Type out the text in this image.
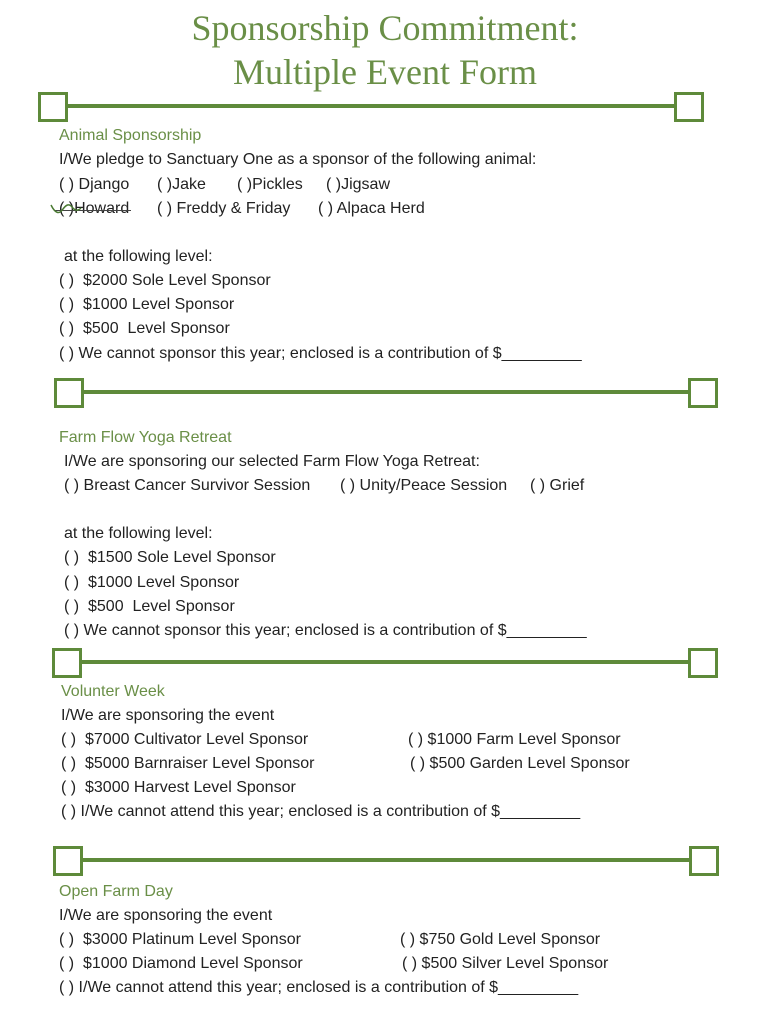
Sponsorship Commitment:
Multiple Event Form
Animal Sponsorship
I/We pledge to Sanctuary One as a sponsor of the following animal:
( ) Django ( )Jake ( )Pickles ( )Jigsaw
( )Howard ( ) Freddy & Friday ( ) Alpaca Herd
at the following level:
( )  $2000 Sole Level Sponsor
( )  $1000 Level Sponsor
( )  $500  Level Sponsor
( ) We cannot sponsor this year; enclosed is a contribution of $_________
Farm Flow Yoga Retreat
I/We are sponsoring our selected Farm Flow Yoga Retreat:
( ) Breast Cancer Survivor Session ( ) Unity/Peace Session ( ) Grief
at the following level:
( )  $1500 Sole Level Sponsor
( )  $1000 Level Sponsor
( )  $500  Level Sponsor
( ) We cannot sponsor this year; enclosed is a contribution of $_________
Volunter Week
I/We are sponsoring the event
( )  $7000 Cultivator Level Sponsor
( )  $5000 Barnraiser Level Sponsor
( )  $3000 Harvest Level Sponsor
( ) $1000 Farm Level Sponsor
( ) $500 Garden Level Sponsor
( ) I/We cannot attend this year; enclosed is a contribution of $_________
Open Farm Day
I/We are sponsoring the event
( )  $3000 Platinum Level Sponsor
( )  $1000 Diamond Level Sponsor
( ) $750 Gold Level Sponsor
( ) $500 Silver Level Sponsor
( ) I/We cannot attend this year; enclosed is a contribution of $_________
